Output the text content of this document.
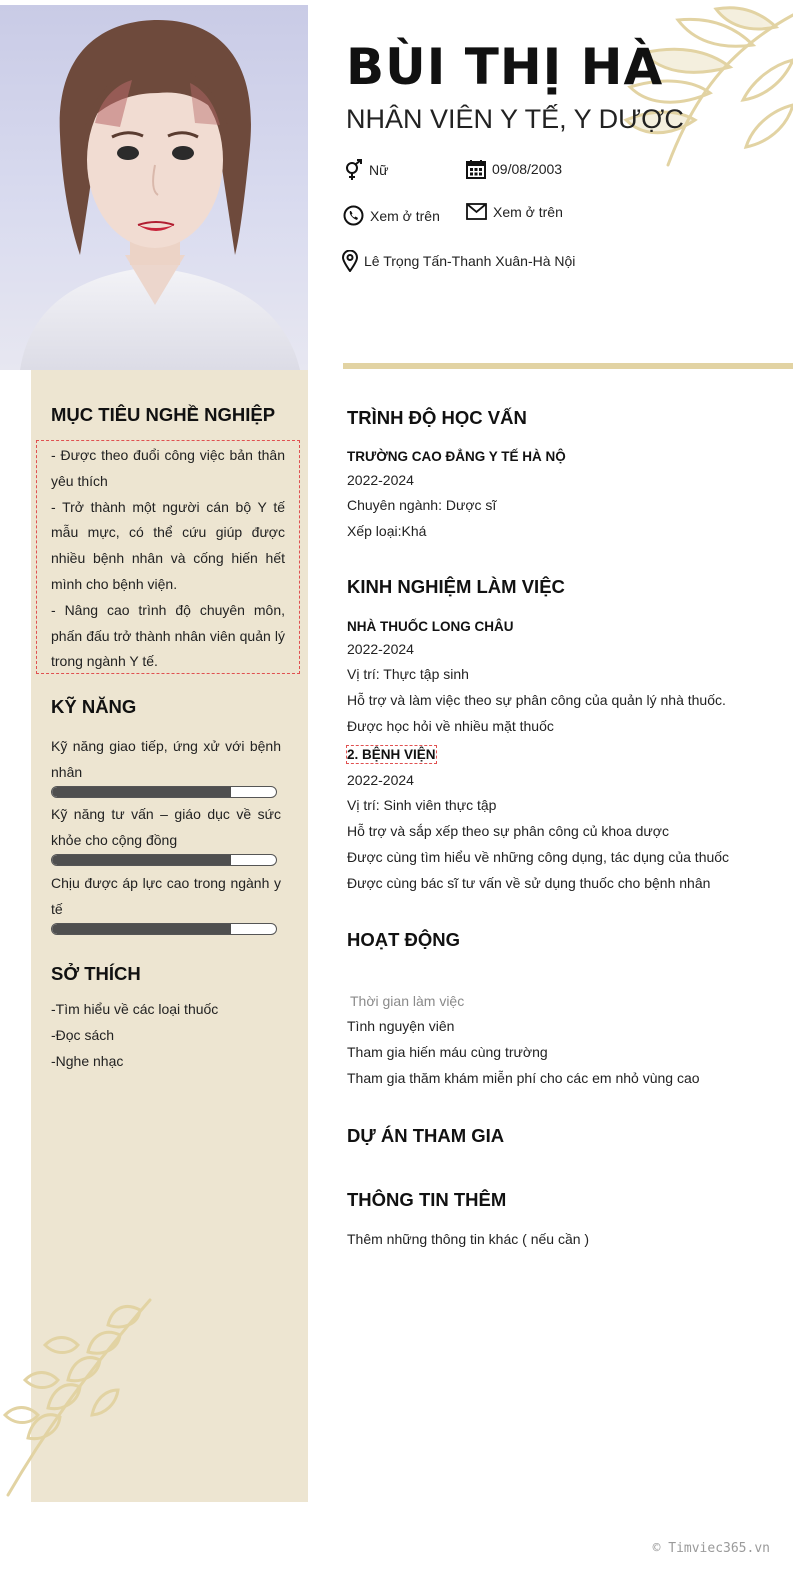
BÙI THỊ HÀ
NHÂN VIÊN Y TẾ, Y DƯỢC
Nữ	09/08/2003
Xem ở trên	Xem ở trên
Lê Trọng Tấn-Thanh Xuân-Hà Nội
MỤC TIÊU NGHỀ NGHIỆP

- Được theo đuổi công việc bản thân yêu thích

- Trở thành một người cán bộ Y tế mẫu mực, có thể cứu giúp được nhiều bệnh nhân và cống hiến hết mình cho bệnh viện.

- Nâng cao trình độ chuyên môn, phấn đấu trở thành nhân viên quản lý trong ngành Y tế.

KỸ NĂNG
Kỹ năng giao tiếp, ứng xử với bệnh nhân
Kỹ năng tư vấn – giáo dục về sức khỏe cho cộng đồng
Chịu được áp lực cao trong ngành y tế
SỞ THÍCH
-Tìm hiểu về các loại thuốc
-Đọc sách
-Nghe nhạc
TRÌNH ĐỘ HỌC VẤN
TRƯỜNG CAO ĐẲNG Y TẾ HÀ NỘ
2022-2024
Chuyên ngành: Dược sĩ
Xếp loại:Khá
KINH NGHIỆM LÀM VIỆC
NHÀ THUỐC LONG CHÂU
2022-2024
Vị trí: Thực tập sinh
Hỗ trợ và làm việc theo sự phân công của quản lý nhà thuốc.
Được học hỏi về nhiều mặt thuốc
2. BỆNH VIỆN
2022-2024
Vị trí: Sinh viên thực tập
Hỗ trợ và sắp xếp theo sự phân công củ khoa dược
Được cùng tìm hiểu về những công dụng, tác dụng của thuốc
Được cùng bác sĩ tư vấn về sử dụng thuốc cho bệnh nhân
HOẠT ĐỘNG
Thời gian làm việc
Tình nguyện viên
Tham gia hiến máu cùng trường
Tham gia thăm khám miễn phí cho các em nhỏ vùng cao
DỰ ÁN THAM GIA
THÔNG TIN THÊM
Thêm những thông tin khác ( nếu cần )
© Timviec365.vn
